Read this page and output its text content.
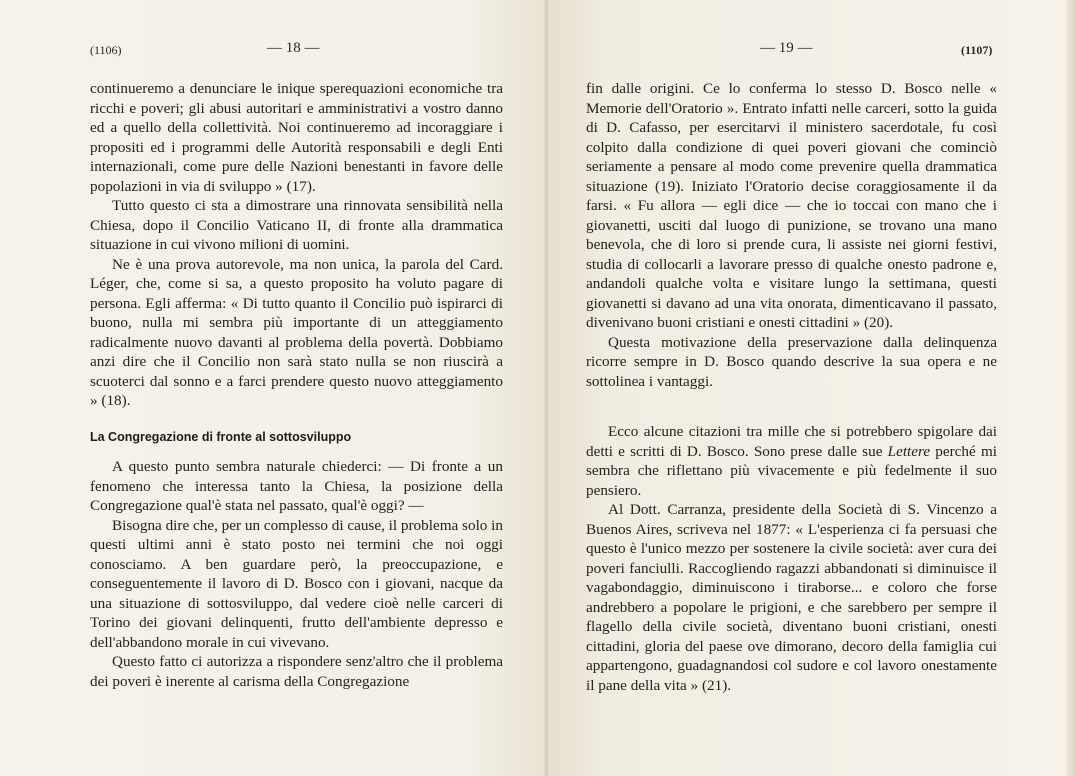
(1106)	— 18 —

continueremo a denunciare le inique sperequazioni economiche tra ricchi e poveri; gli abusi autoritari e amministrativi a vostro danno ed a quello della collettività. Noi continueremo ad incoraggiare i propositi ed i programmi delle Autorità responsabili e degli Enti internazionali, come pure delle Nazioni benestanti in favore delle popolazioni in via di sviluppo » (17).

Tutto questo ci sta a dimostrare una rinnovata sensibilità nella Chiesa, dopo il Concilio Vaticano II, di fronte alla drammatica situazione in cui vivono milioni di uomini.

Ne è una prova autorevole, ma non unica, la parola del Card. Léger, che, come si sa, a questo proposito ha voluto pagare di persona. Egli afferma: « Di tutto quanto il Concilio può ispirarci di buono, nulla mi sembra più importante di un atteggiamento radicalmente nuovo davanti al problema della povertà. Dobbiamo anzi dire che il Concilio non sarà stato nulla se non riuscirà a scuoterci dal sonno e a farci prendere questo nuovo atteggiamento » (18).

La Congregazione di fronte al sottosviluppo

A questo punto sembra naturale chiederci: — Di fronte a un fenomeno che interessa tanto la Chiesa, la posizione della Congregazione qual'è stata nel passato, qual'è oggi? —

Bisogna dire che, per un complesso di cause, il problema solo in questi ultimi anni è stato posto nei termini che noi oggi conosciamo. A ben guardare però, la preoccupazione, e conseguentemente il lavoro di D. Bosco con i giovani, nacque da una situazione di sottosviluppo, dal vedere cioè nelle carceri di Torino dei giovani delinquenti, frutto dell'ambiente depresso e dell'abbandono morale in cui vivevano.

Questo fatto ci autorizza a rispondere senz'altro che il problema dei poveri è inerente al carisma della Congregazione

— 19 —	(1107)

fin dalle origini. Ce lo conferma lo stesso D. Bosco nelle « Memorie dell'Oratorio ». Entrato infatti nelle carceri, sotto la guida di D. Cafasso, per esercitarvi il ministero sacerdotale, fu così colpito dalla condizione di quei poveri giovani che cominciò seriamente a pensare al modo come prevenire quella drammatica situazione (19). Iniziato l'Oratorio decise coraggiosamente il da farsi. « Fu allora — egli dice — che io toccai con mano che i giovanetti, usciti dal luogo di punizione, se trovano una mano benevola, che di loro si prende cura, li assiste nei giorni festivi, studia di collocarli a lavorare presso di qualche onesto padrone e, andandoli qualche volta e visitare lungo la settimana, questi giovanetti si davano ad una vita onorata, dimenticavano il passato, divenivano buoni cristiani e onesti cittadini » (20).

Questa motivazione della preservazione dalla delinquenza ricorre sempre in D. Bosco quando descrive la sua opera e ne sottolinea i vantaggi.

Ecco alcune citazioni tra mille che si potrebbero spigolare dai detti e scritti di D. Bosco. Sono prese dalle sue Lettere perché mi sembra che riflettano più vivacemente e più fedelmente il suo pensiero.

Al Dott. Carranza, presidente della Società di S. Vincenzo a Buenos Aires, scriveva nel 1877: « L'esperienza ci fa persuasi che questo è l'unico mezzo per sostenere la civile società: aver cura dei poveri fanciulli. Raccogliendo ragazzi abbandonati si diminuisce il vagabondaggio, diminuiscono i tiraborse... e coloro che forse andrebbero a popolare le prigioni, e che sarebbero per sempre il flagello della civile società, diventano buoni cristiani, onesti cittadini, gloria del paese ove dimorano, decoro della famiglia cui appartengono, guadagnandosi col sudore e col lavoro onestamente il pane della vita » (21).
